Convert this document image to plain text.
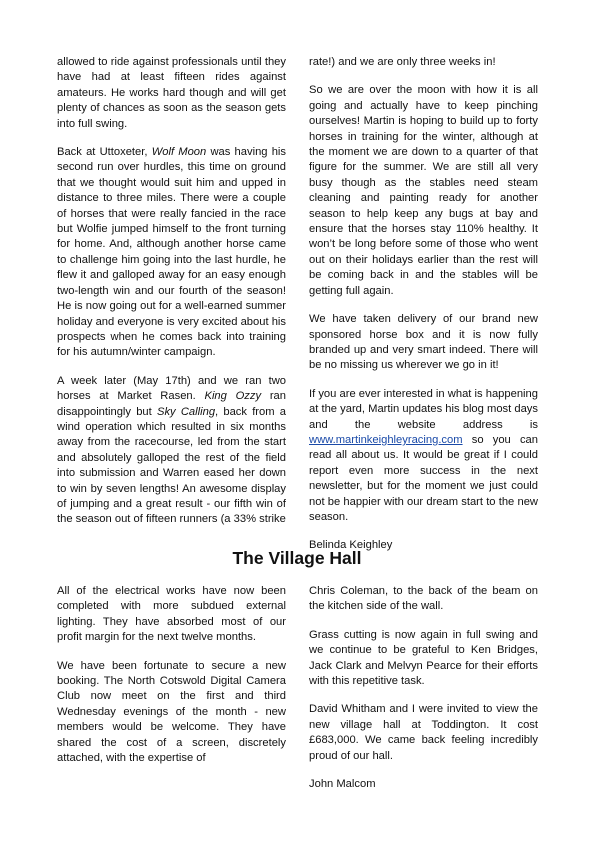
allowed to ride against professionals until they have had at least fifteen rides against amateurs. He works hard though and will get plenty of chances as soon as the season gets into full swing.

Back at Uttoxeter, Wolf Moon was having his second run over hurdles, this time on ground that we thought would suit him and upped in distance to three miles. There were a couple of horses that were really fancied in the race but Wolfie jumped himself to the front turning for home. And, although another horse came to challenge him going into the last hurdle, he flew it and galloped away for an easy enough two-length win and our fourth of the season! He is now going out for a well-earned summer holiday and everyone is very excited about his prospects when he comes back into training for his autumn/winter campaign.

A week later (May 17th) and we ran two horses at Market Rasen. King Ozzy ran disappointingly but Sky Calling, back from a wind operation which resulted in six months away from the racecourse, led from the start and absolutely galloped the rest of the field into submission and Warren eased her down to win by seven lengths! An awesome display of jumping and a great result - our fifth win of the season out of fifteen runners (a 33% strike

rate!) and we are only three weeks in!

So we are over the moon with how it is all going and actually have to keep pinching ourselves! Martin is hoping to build up to forty horses in training for the winter, although at the moment we are down to a quarter of that figure for the summer. We are still all very busy though as the stables need steam cleaning and painting ready for another season to help keep any bugs at bay and ensure that the horses stay 110% healthy. It won’t be long before some of those who went out on their holidays earlier than the rest will be coming back in and the stables will be getting full again.

We have taken delivery of our brand new sponsored horse box and it is now fully branded up and very smart indeed. There will be no missing us wherever we go in it!

If you are ever interested in what is happening at the yard, Martin updates his blog most days and the website address is www.martinkeighleyracing.com so you can read all about us. It would be great if I could report even more success in the next newsletter, but for the moment we just could not be happier with our dream start to the new season.

Belinda Keighley

The Village Hall

All of the electrical works have now been completed with more subdued external lighting. They have absorbed most of our profit margin for the next twelve months.

We have been fortunate to secure a new booking. The North Cotswold Digital Camera Club now meet on the first and third Wednesday evenings of the month - new members would be welcome. They have shared the cost of a screen, discretely attached, with the expertise of

Chris Coleman, to the back of the beam on the kitchen side of the wall.

Grass cutting is now again in full swing and we continue to be grateful to Ken Bridges, Jack Clark and Melvyn Pearce for their efforts with this repetitive task.

David Whitham and I were invited to view the new village hall at Toddington. It cost £683,000. We came back feeling incredibly proud of our hall.

John Malcom
